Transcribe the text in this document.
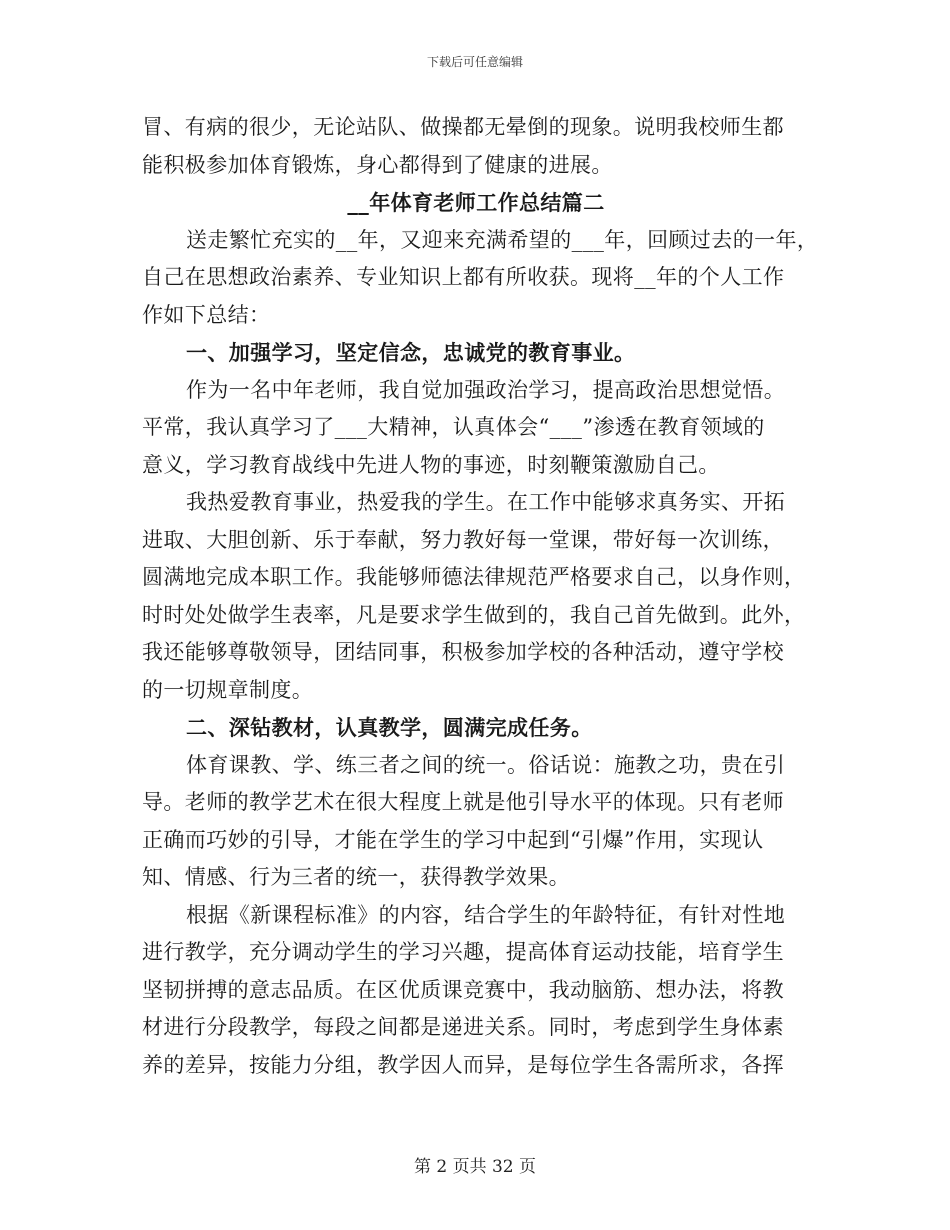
下载后可任意编辑
冒、有病的很少，无论站队、做操都无晕倒的现象。说明我校师生都
能积极参加体育锻炼，身心都得到了健康的进展。
__年体育老师工作总结篇二
送走繁忙充实的__年，又迎来充满希望的___年，回顾过去的一年，
自己在思想政治素养、专业知识上都有所收获。现将__年的个人工作
作如下总结：
一、加强学习，坚定信念，忠诚党的教育事业。
作为一名中年老师，我自觉加强政治学习，提高政治思想觉悟。
平常，我认真学习了___大精神，认真体会“___”渗透在教育领域的
意义，学习教育战线中先进人物的事迹，时刻鞭策激励自己。
我热爱教育事业，热爱我的学生。在工作中能够求真务实、开拓
进取、大胆创新、乐于奉献，努力教好每一堂课，带好每一次训练，
圆满地完成本职工作。我能够师德法律规范严格要求自己，以身作则，
时时处处做学生表率，凡是要求学生做到的，我自己首先做到。此外，
我还能够尊敬领导，团结同事，积极参加学校的各种活动，遵守学校
的一切规章制度。
二、深钻教材，认真教学，圆满完成任务。
体育课教、学、练三者之间的统一。俗话说：施教之功，贵在引
导。老师的教学艺术在很大程度上就是他引导水平的体现。只有老师
正确而巧妙的引导，才能在学生的学习中起到“引爆”作用，实现认
知、情感、行为三者的统一，获得教学效果。
根据《新课程标准》的内容，结合学生的年龄特征，有针对性地
进行教学，充分调动学生的学习兴趣，提高体育运动技能，培育学生
坚韧拼搏的意志品质。在区优质课竞赛中，我动脑筋、想办法，将教
材进行分段教学，每段之间都是递进关系。同时，考虑到学生身体素
养的差异，按能力分组，教学因人而异，是每位学生各需所求，各挥
第 2 页共 32 页
